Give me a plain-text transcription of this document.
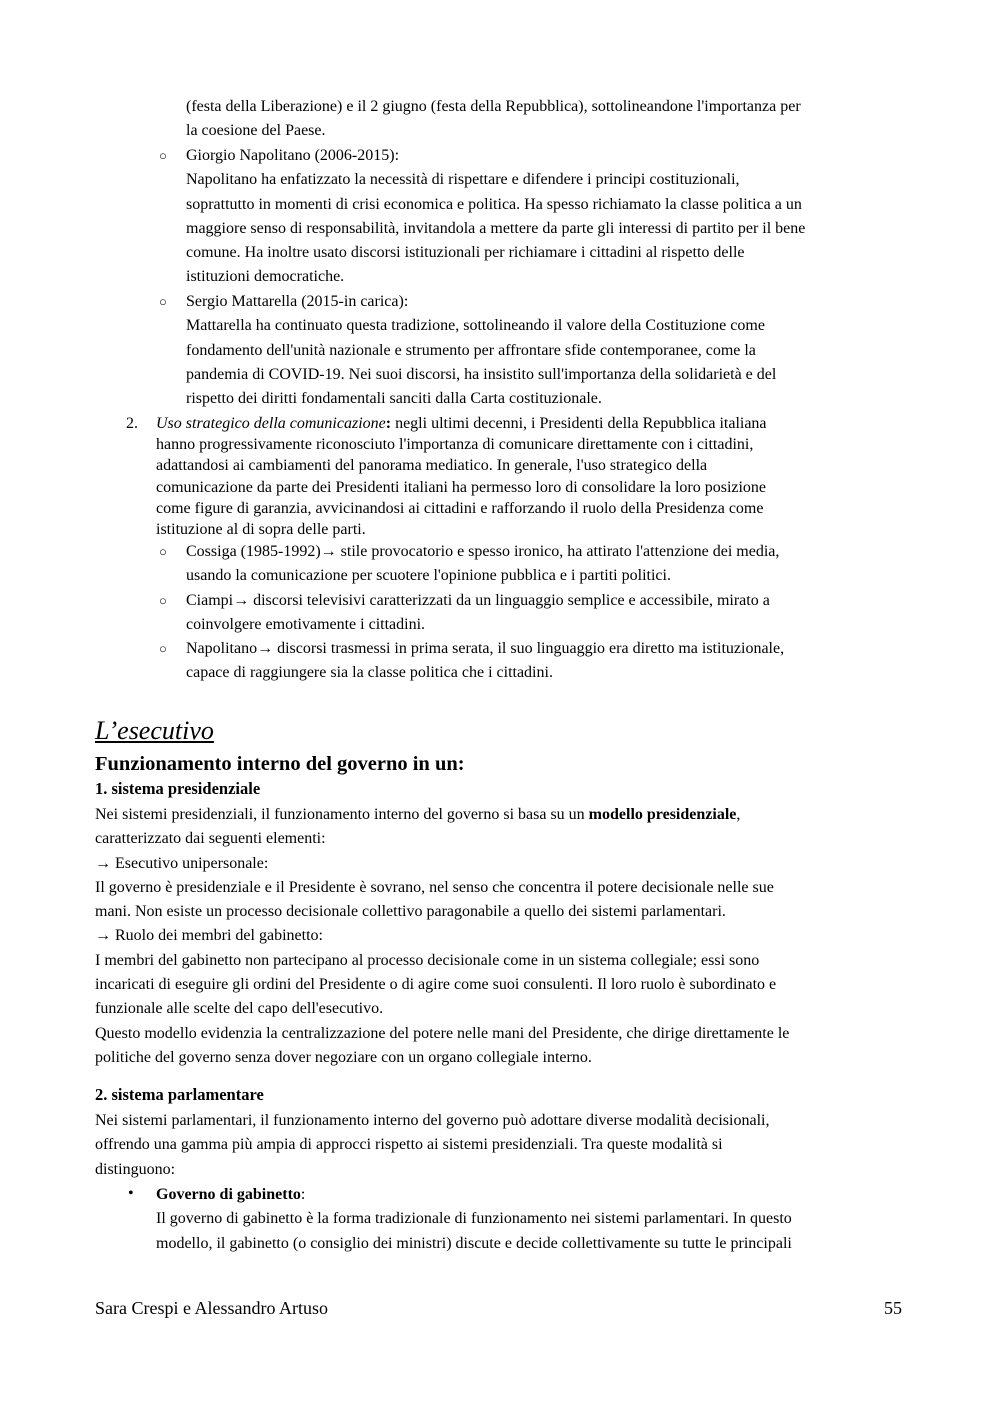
(festa della Liberazione) e il 2 giugno (festa della Repubblica), sottolineandone l'importanza per
la coesione del Paese.
○ Giorgio Napolitano (2006-2015):
Napolitano ha enfatizzato la necessità di rispettare e difendere i principi costituzionali,
soprattutto in momenti di crisi economica e politica. Ha spesso richiamato la classe politica a un
maggiore senso di responsabilità, invitandola a mettere da parte gli interessi di partito per il bene
comune. Ha inoltre usato discorsi istituzionali per richiamare i cittadini al rispetto delle
istituzioni democratiche.
○ Sergio Mattarella (2015-in carica):
Mattarella ha continuato questa tradizione, sottolineando il valore della Costituzione come
fondamento dell'unità nazionale e strumento per affrontare sfide contemporanee, come la
pandemia di COVID-19. Nei suoi discorsi, ha insistito sull'importanza della solidarietà e del
rispetto dei diritti fondamentali sanciti dalla Carta costituzionale.
2. Uso strategico della comunicazione: negli ultimi decenni, i Presidenti della Repubblica italiana
hanno progressivamente riconosciuto l'importanza di comunicare direttamente con i cittadini,
adattandosi ai cambiamenti del panorama mediatico. In generale, l'uso strategico della
comunicazione da parte dei Presidenti italiani ha permesso loro di consolidare la loro posizione
come figure di garanzia, avvicinandosi ai cittadini e rafforzando il ruolo della Presidenza come
istituzione al di sopra delle parti.
○ Cossiga (1985-1992)→ stile provocatorio e spesso ironico, ha attirato l'attenzione dei media,
usando la comunicazione per scuotere l'opinione pubblica e i partiti politici.
○ Ciampi→ discorsi televisivi caratterizzati da un linguaggio semplice e accessibile, mirato a
coinvolgere emotivamente i cittadini.
○ Napolitano→ discorsi trasmessi in prima serata, il suo linguaggio era diretto ma istituzionale,
capace di raggiungere sia la classe politica che i cittadini.
L’esecutivo
Funzionamento interno del governo in un:
1. sistema presidenziale
Nei sistemi presidenziali, il funzionamento interno del governo si basa su un modello presidenziale,
caratterizzato dai seguenti elementi:
→ Esecutivo unipersonale:
Il governo è presidenziale e il Presidente è sovrano, nel senso che concentra il potere decisionale nelle sue
mani. Non esiste un processo decisionale collettivo paragonabile a quello dei sistemi parlamentari.
→ Ruolo dei membri del gabinetto:
I membri del gabinetto non partecipano al processo decisionale come in un sistema collegiale; essi sono
incaricati di eseguire gli ordini del Presidente o di agire come suoi consulenti. Il loro ruolo è subordinato e
funzionale alle scelte del capo dell'esecutivo.
Questo modello evidenzia la centralizzazione del potere nelle mani del Presidente, che dirige direttamente le
politiche del governo senza dover negoziare con un organo collegiale interno.
2. sistema parlamentare
Nei sistemi parlamentari, il funzionamento interno del governo può adottare diverse modalità decisionali,
offrendo una gamma più ampia di approcci rispetto ai sistemi presidenziali. Tra queste modalità si
distinguono:
• Governo di gabinetto:
Il governo di gabinetto è la forma tradizionale di funzionamento nei sistemi parlamentari. In questo
modello, il gabinetto (o consiglio dei ministri) discute e decide collettivamente su tutte le principali
Sara Crespi e Alessandro Artuso	55
